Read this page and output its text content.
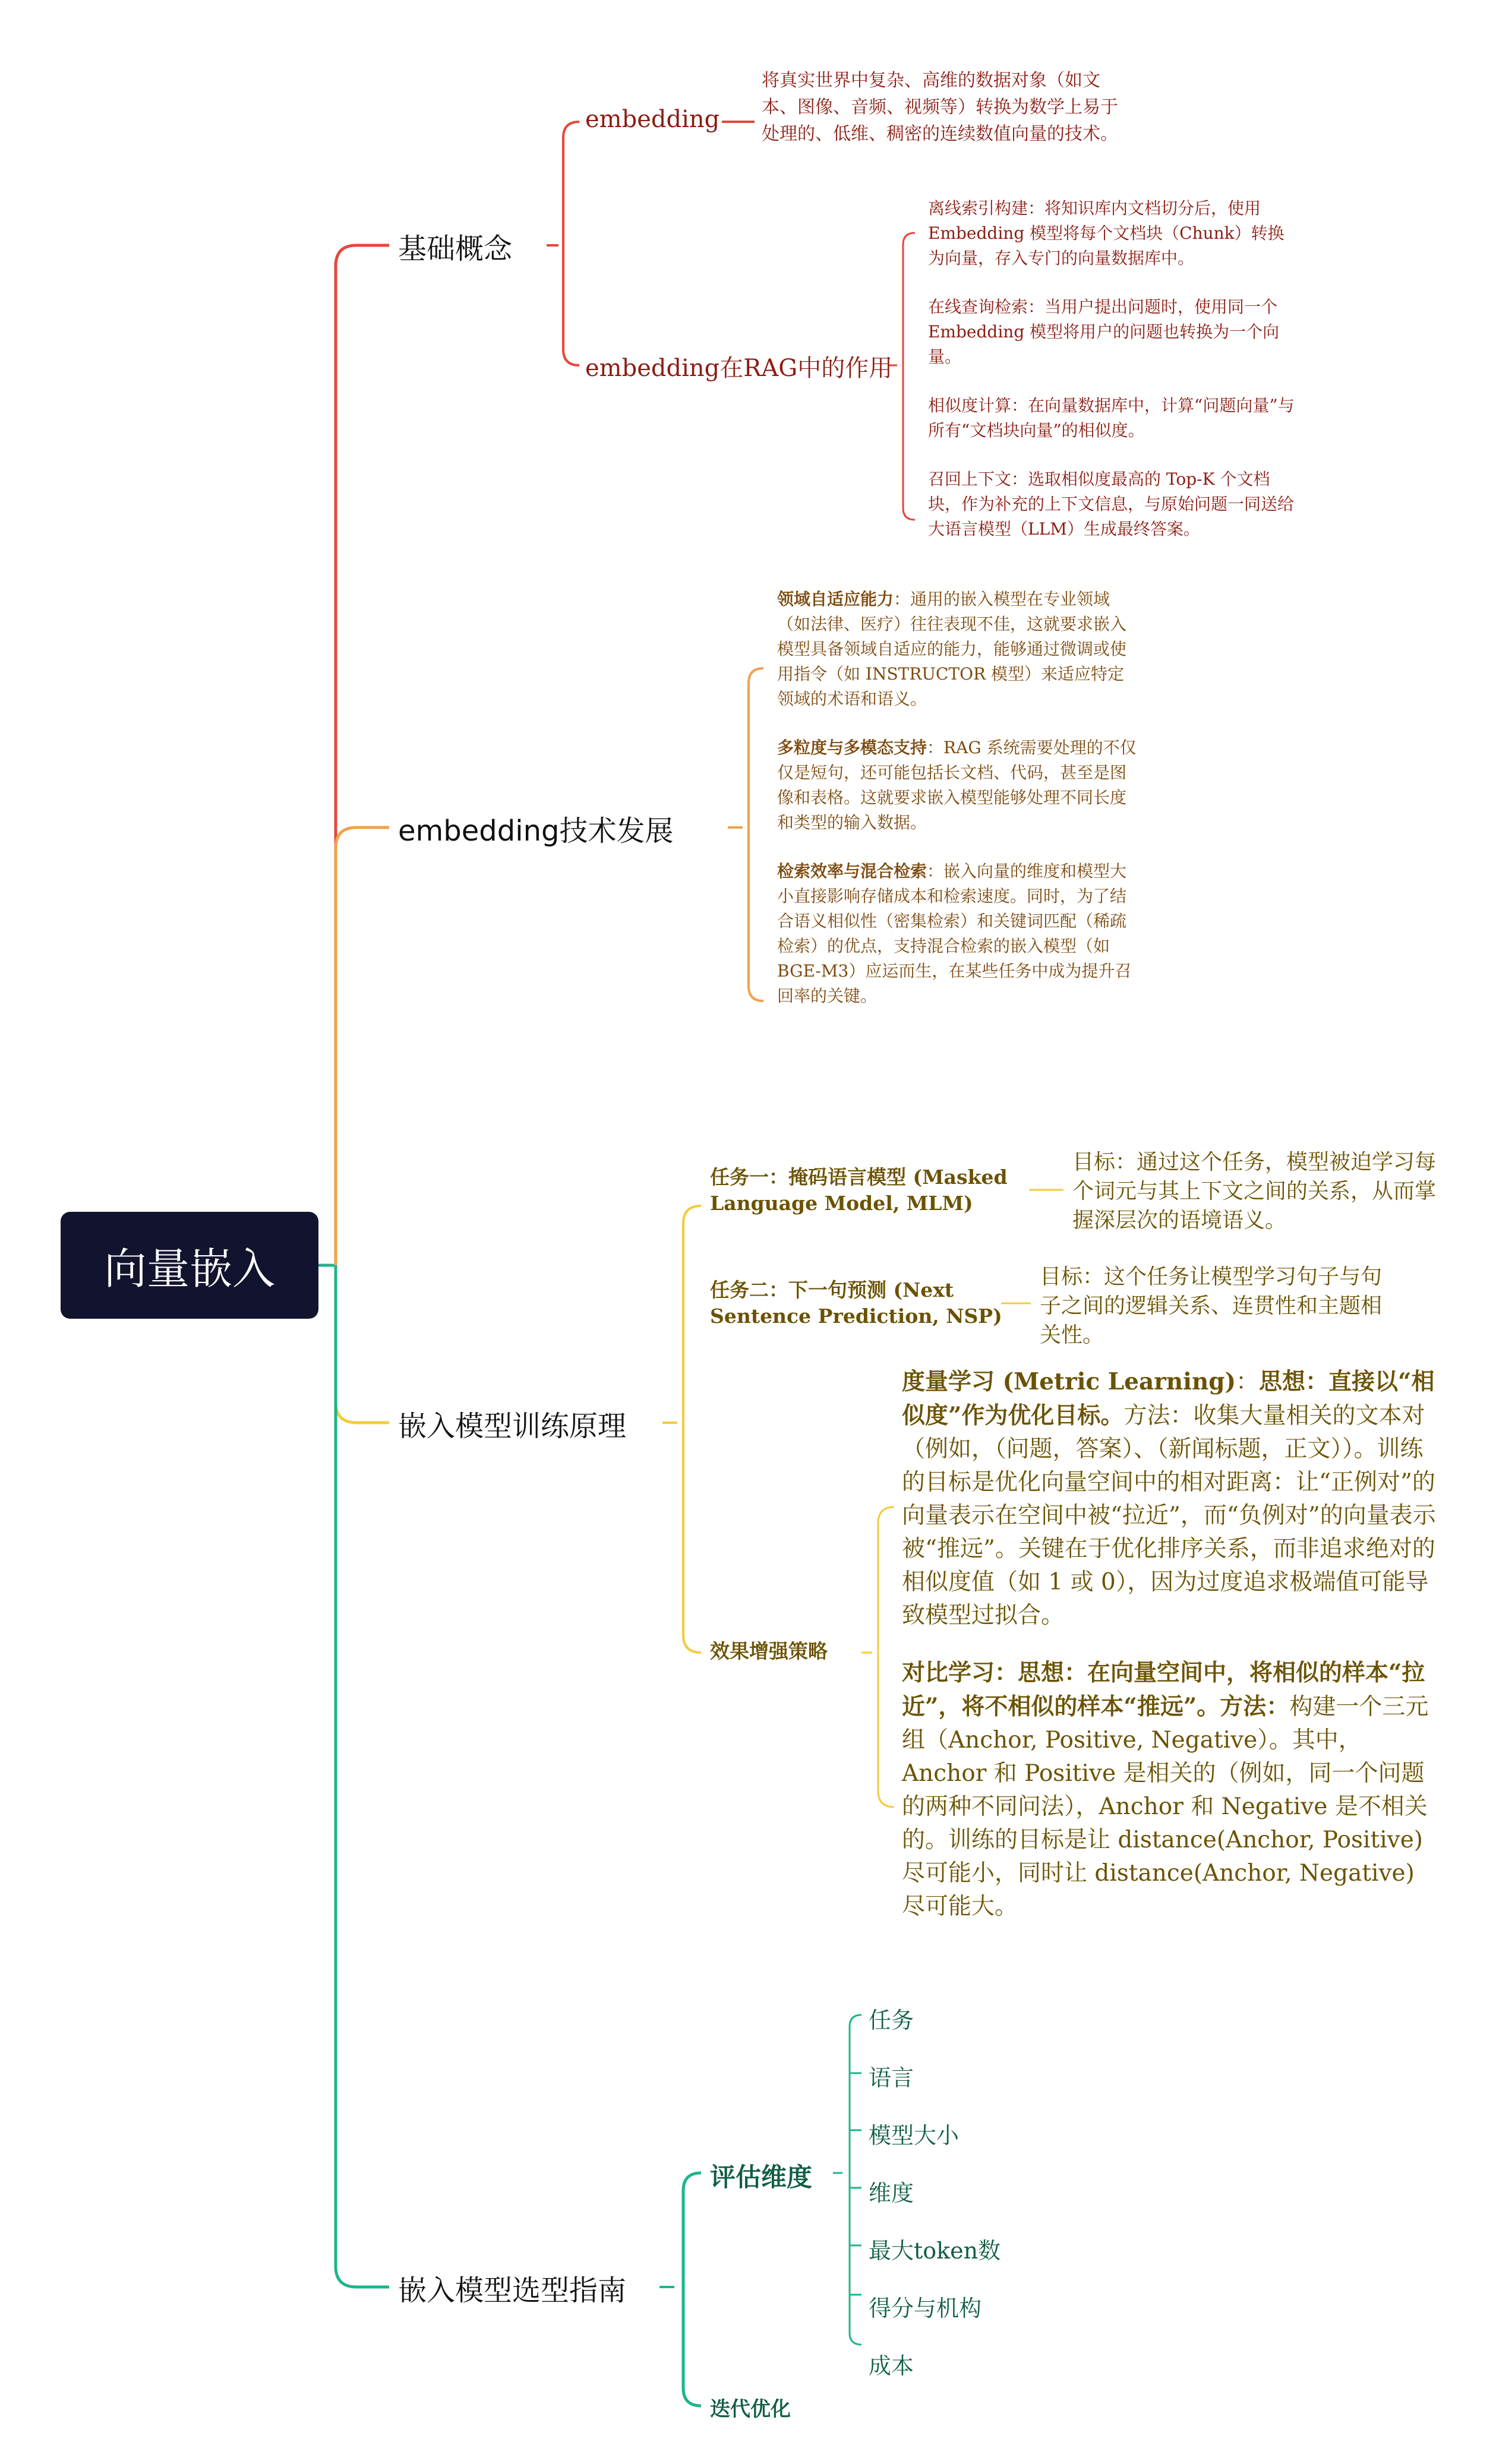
向量嵌入
基础概念
embedding
将真实世界中复杂、高维的数据对象（如文本、图像、音频、视频等）转换为数学上易于处理的、低维、稠密的连续数值向量的技术。
embedding在RAG中的作用
离线索引构建：将知识库内文档切分后，使用 Embedding 模型将每个文档块（Chunk）转换为向量，存入专门的向量数据库中。
在线查询检索：当用户提出问题时，使用同一个 Embedding 模型将用户的问题也转换为一个向量。
相似度计算：在向量数据库中，计算“问题向量”与所有“文档块向量”的相似度。
召回上下文：选取相似度最高的 Top-K 个文档块，作为补充的上下文信息，与原始问题一同送给大语言模型（LLM）生成最终答案。
embedding技术发展
领域自适应能力：通用的嵌入模型在专业领域（如法律、医疗）往往表现不佳，这就要求嵌入模型具备领域自适应的能力，能够通过微调或使用指令（如 INSTRUCTOR 模型）来适应特定领域的术语和语义。
多粒度与多模态支持：RAG 系统需要处理的不仅仅是短句，还可能包括长文档、代码，甚至是图像和表格。这就要求嵌入模型能够处理不同长度和类型的输入数据。
检索效率与混合检索：嵌入向量的维度和模型大小直接影响存储成本和检索速度。同时，为了结合语义相似性（密集检索）和关键词匹配（稀疏检索）的优点，支持混合检索的嵌入模型（如 BGE-M3）应运而生，在某些任务中成为提升召回率的关键。
嵌入模型训练原理
任务一：掩码语言模型 (Masked
Language Model, MLM)
目标：通过这个任务，模型被迫学习每个词元与其上下文之间的关系，从而掌握深层次的语境语义。
任务二：下一句预测 (Next
Sentence Prediction, NSP)
目标：这个任务让模型学习句子与句子之间的逻辑关系、连贯性和主题相关性。
效果增强策略
度量学习 (Metric Learning)：思想：直接以“相似度”作为优化目标。方法：收集大量相关的文本对（例如，（问题，答案）、（新闻标题，正文））。训练的目标是优化向量空间中的相对距离：让“正例对”的向量表示在空间中被“拉近”，而“负例对”的向量表示被“推远”。关键在于优化排序关系，而非追求绝对的相似度值（如 1 或 0），因为过度追求极端值可能导致模型过拟合。
对比学习：思想：在向量空间中，将相似的样本“拉近”，将不相似的样本“推远”。方法：构建一个三元组（Anchor, Positive, Negative）。其中，Anchor 和 Positive 是相关的（例如，同一个问题的两种不同问法），Anchor 和 Negative 是不相关的。训练的目标是让 distance(Anchor, Positive) 尽可能小，同时让 distance(Anchor, Negative) 尽可能大。
嵌入模型选型指南
评估维度
任务
语言
模型大小
维度
最大token数
得分与机构
成本
迭代优化
